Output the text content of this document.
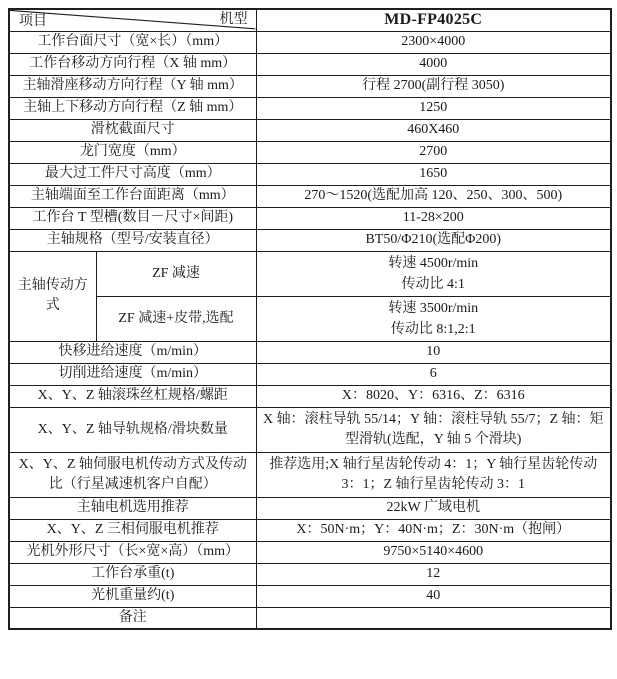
项目 机型		MD-FP4025C
工作台面尺寸（宽×长）（mm）		2300×4000
工作台移动方向行程（X 轴 mm）		4000
主轴滑座移动方向行程（Y 轴 mm）		行程 2700(副行程 3050)
主轴上下移动方向行程（Z 轴 mm）		1250
滑枕截面尺寸		460X460
龙门宽度（mm）		2700
最大过工件尺寸高度（mm）		1650
主轴端面至工作台面距离（mm）		270～1520(选配加高 120、250、300、500)
工作台 T 型槽(数目－尺寸×间距)		11-28×200
主轴规格（型号/安装直径）		BT50/Φ210(选配Φ200)
主轴传动方式	ZF 减速	转速 4500r/min
传动比 4:1

	ZF 减速+皮带,选配	转速 3500r/min
传动比 8:1,2:1

快移进给速度（m/min）		10
切削进给速度（m/min）		6
X、Y、Z 轴滚珠丝杠规格/螺距		X：8020、Y：6316、Z：6316
X、Y、Z 轴导轨规格/滑块数量		X 轴：滚柱导轨 55/14；Y 轴：滚柱导轨 55/7；Z 轴：矩型滑轨(选配，Y 轴 5 个滑块)
X、Y、Z 轴伺服电机传动方式及传动比（行星减速机客户自配）		推荐选用;X 轴行星齿轮传动 4：1；Y 轴行星齿轮传动 3：1；Z 轴行星齿轮传动 3：1
主轴电机选用推荐		22kW 广域电机
X、Y、Z 三相伺服电机推荐		X：50N·m；Y：40N·m；Z：30N·m（抱闸）
光机外形尺寸（长×宽×高）（mm）		9750×5140×4600
工作台承重(t)		12
光机重量约(t)		40
备注		
